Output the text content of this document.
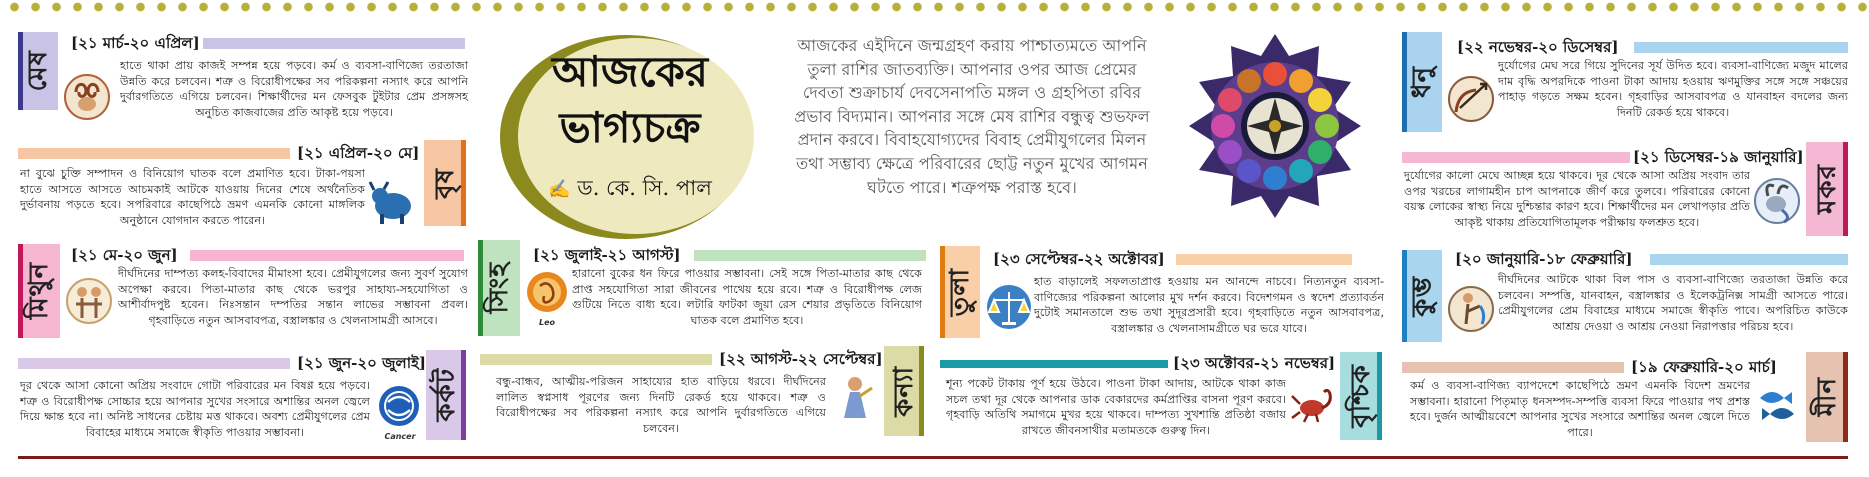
আজকের
ভাগ্যচক্র
✍ ড. কে. সি. পাল
আজকের এইদিনে জন্মগ্রহণ করায় পাশ্চাত্যমতে আপনি তুলা রাশির জাতব্যক্তি। আপনার ওপর আজ প্রেমের দেবতা শুক্রাচার্য দেবসেনাপতি মঙ্গল ও গ্রহপিতা রবির প্রভাব বিদ্যমান। আপনার সঙ্গে মেষ রাশির বন্ধুত্ব শুভফল প্রদান করবে। বিবাহযোগ্যদের বিবাহ প্রেমীযুগলের মিলন তথা সম্ভাব্য ক্ষেত্রে পরিবারের ছোট্ট নতুন মুখের আগমন ঘটতে পারে। শত্রুপক্ষ পরাস্ত হবে।
মেষ
[২১ মার্চ-২০ এপ্রিল]
হাতে থাকা প্রায় কাজই সম্পন্ন হয়ে পড়বে। কর্ম ও ব্যবসা-বাণিজ্যে তরতাজা উন্নতি করে চলবেন। শত্রু ও বিরোধীপক্ষের সব পরিকল্পনা নস্যাৎ করে আপনি দুর্বারগতিতে এগিয়ে চলবেন। শিক্ষার্থীদের মন ফেসবুক টুইটার প্রেম প্রসঙ্গসহ অনুচিত কাজবাজের প্রতি আকৃষ্ট হয়ে পড়বে।
[২১ এপ্রিল-২০ মে]
বৃষ
না বুঝে চুক্তি সম্পাদন ও বিনিয়োগ ঘাতক বলে প্রমাণিত হবে। টাকা-পয়সা হাতে আসতে আসতে আচমকাই আটকে যাওয়ায় দিনের শেষে অর্থনৈতিক দুর্ভাবনায় পড়তে হবে। সপরিবারে কাছেপিঠে ভ্রমণ এমনকি কোনো মাঙ্গলিক অনুষ্ঠানে যোগদান করতে পারেন।
মিথুন
[২১ মে-২০ জুন]
দীর্ঘদিনের দাম্পত্য কলহ-বিবাদের মীমাংসা হবে। প্রেমীযুগলের জন্য সুবর্ণ সুযোগ অপেক্ষা করবে। পিতা-মাতার কাছ থেকে ভরপুর সাহায্য-সহযোগিতা ও আশীর্বাদপুষ্ট হবেন। নিঃসন্তান দম্পতির সন্তান লাভের সম্ভাবনা প্রবল। গৃহবাড়িতে নতুন আসবাবপত্র, বস্ত্রালঙ্কার ও খেলনাসামগ্রী আসবে।
[২১ জুন-২০ জুলাই]
কর্কট
Cancer
দূর থেকে আসা কোনো অপ্রিয় সংবাদে গোটা পরিবারের মন বিষণ্ণ হয়ে পড়বে। শত্রু ও বিরোধীপক্ষ সোচ্চার হয়ে আপনার সুখের সংসারে অশান্তির অনল জ্বেলে দিয়ে ক্ষান্ত হবে না। অনিষ্ট সাধনের চেষ্টায় মত্ত থাকবে। অবশ্য প্রেমীযুগলের প্রেম বিবাহের মাধ্যমে সমাজে স্বীকৃতি পাওয়ার সম্ভাবনা।
সিংহ
[২১ জুলাই-২১ আগস্ট]
Leo
হারানো বুকের ধন ফিরে পাওয়ার সম্ভাবনা। সেই সঙ্গে পিতা-মাতার কাছ থেকে প্রাপ্ত সহযোগিতা সারা জীবনের পাথেয় হয়ে রবে। শত্রু ও বিরোধীপক্ষ লেজ গুটিয়ে নিতে বাধ্য হবে। লটারি ফাটকা জুয়া রেস শেয়ার প্রভৃতিতে বিনিয়োগ ঘাতক বলে প্রমাণিত হবে।
[২২ আগস্ট-২২ সেপ্টেম্বর]
কন্যা
বন্ধু-বান্ধব, আত্মীয়-পরিজন সাহায্যের হাত বাড়িয়ে ধরবে। দীর্ঘদিনের লালিত স্বপ্নসাধ পূরণের জন্য দিনটি রেকর্ড হয়ে থাকবে। শত্রু ও বিরোধীপক্ষের সব পরিকল্পনা নস্যাৎ করে আপনি দুর্বারগতিতে এগিয়ে চলবেন।
তুলা
[২৩ সেপ্টেম্বর-২২ অক্টোবর]
হাত বাড়ালেই সফলতাপ্রাপ্ত হওয়ায় মন আনন্দে নাচবে। নিত্যনতুন ব্যবসা-বাণিজ্যের পরিকল্পনা আলোর মুখ দর্শন করবে। বিদেশগমন ও স্বদেশ প্রত্যাবর্তন দুটোই সমানতালে শুভ তথা সুদূরপ্রসারী হবে। গৃহবাড়িতে নতুন আসবাবপত্র, বস্ত্রালঙ্কার ও খেলনাসামগ্রীতে ঘর ভরে যাবে।
[২৩ অক্টোবর-২১ নভেম্বর]
বৃশ্চিক
শূন্য পকেট টাকায় পূর্ণ হয়ে উঠবে। পাওনা টাকা আদায়, আটকে থাকা কাজ সচল তথা দূর থেকে আপনার ডাক বেকারদের কর্মপ্রাপ্তির বাসনা পূরণ করবে। গৃহবাড়ি অতিথি সমাগমে মুখর হয়ে থাকবে। দাম্পত্য সুখশান্তি প্রতিষ্ঠা বজায় রাখতে জীবনসাথীর মতামতকে গুরুত্ব দিন।
ধনু
[২২ নভেম্বর-২০ ডিসেম্বর]
দুর্যোগের মেঘ সরে গিয়ে সুদিনের সূর্য উদিত হবে। ব্যবসা-বাণিজ্যে মজুদ মালের দাম বৃদ্ধি অপরদিকে পাওনা টাকা আদায় হওয়ায় ঋণমুক্তির সঙ্গে সঙ্গে সঞ্চয়ের পাহাড় গড়তে সক্ষম হবেন। গৃহবাড়ির আসবাবপত্র ও যানবাহন বদলের জন্য দিনটি রেকর্ড হয়ে থাকবে।
[২১ ডিসেম্বর-১৯ জানুয়ারি]
মকর
দুর্যোগের কালো মেঘে আচ্ছন্ন হয়ে থাকবে। দূর থেকে আসা অপ্রিয় সংবাদ তার ওপর খরচের লাগামহীন চাপ আপনাকে জীর্ণ করে তুলবে। পরিবারের কোনো বয়স্ক লোকের স্বাস্থ্য নিয়ে দুশ্চিন্তার কারণ হবে। শিক্ষার্থীদের মন লেখাপড়ার প্রতি আকৃষ্ট থাকায় প্রতিযোগিতামূলক পরীক্ষায় ফলশ্রুত হবে।
কুম্ভ
[২০ জানুয়ারি-১৮ ফেব্রুয়ারি]
দীর্ঘদিনের আটকে থাকা বিল পাস ও ব্যবসা-বাণিজ্যে তরতাজা উন্নতি করে চলবেন। সম্পত্তি, যানবাহন, বস্ত্রালঙ্কার ও ইলেকট্রনিক্স সামগ্রী আসতে পারে। প্রেমীযুগলের প্রেম বিবাহের মাধ্যমে সমাজে স্বীকৃতি পাবে। অপরিচিত কাউকে আশ্রয় দেওয়া ও আশ্রয় নেওয়া নিরাপত্তার পরিচয় হবে।
[১৯ ফেব্রুয়ারি-২০ মার্চ]
মীন
কর্ম ও ব্যবসা-বাণিজ্য ব্যাপদেশে কাছেপিঠে ভ্রমণ এমনকি বিদেশ ভ্রমণের সম্ভাবনা। হারানো পিতৃমাতৃ ধনসম্পদ-সম্পত্তি ব্যবসা ফিরে পাওয়ার পথ প্রশস্ত হবে। দুর্জন আত্মীয়বেশে আপনার সুখের সংসারে অশান্তির অনল জ্বেলে দিতে পারে।
